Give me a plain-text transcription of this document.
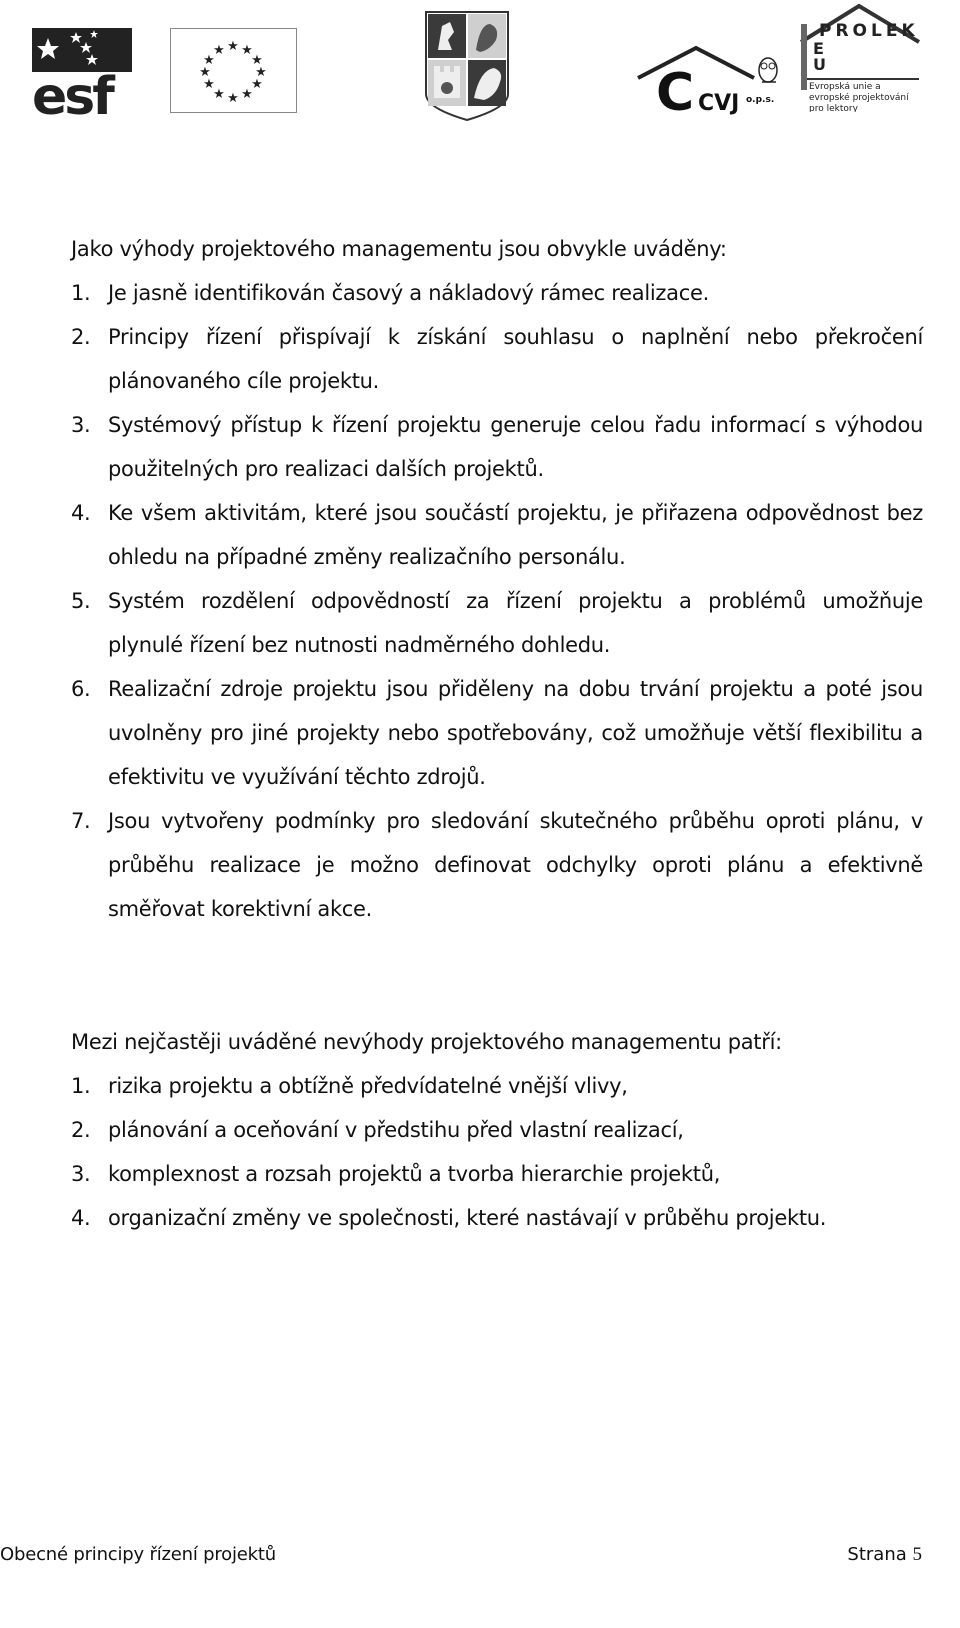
esf
★ ★
★
★
★
★
★
★
★
★
★
★
C CVJ o.p.s.
PROLEK
E
U
Evropská unie a evropské projektování pro lektory
Jako výhody projektového managementu jsou obvykle uváděny:
1. Je jasně identifikován časový a nákladový rámec realizace.
2. Principy řízení přispívají k získání souhlasu o naplnění nebo překročení plánovaného cíle projektu.
3. Systémový přístup k řízení projektu generuje celou řadu informací s výhodou použitelných pro realizaci dalších projektů.
4. Ke všem aktivitám, které jsou součástí projektu, je přiřazena odpovědnost bez ohledu na případné změny realizačního personálu.
5. Systém rozdělení odpovědností za řízení projektu a problémů umožňuje plynulé řízení bez nutnosti nadměrného dohledu.
6. Realizační zdroje projektu jsou přiděleny na dobu trvání projektu a poté jsou uvolněny pro jiné projekty nebo spotřebovány, což umožňuje větší flexibilitu a efektivitu ve využívání těchto zdrojů.
7. Jsou vytvořeny podmínky pro sledování skutečného průběhu oproti plánu, v průběhu realizace je možno definovat odchylky oproti plánu a efektivně směřovat korektivní akce.
Mezi nejčastěji uváděné nevýhody projektového managementu patří:
1. rizika projektu a obtížně předvídatelné vnější vlivy,
2. plánování a oceňování v předstihu před vlastní realizací,
3. komplexnost a rozsah projektů a tvorba hierarchie projektů,
4. organizační změny ve společnosti, které nastávají v průběhu projektu.
Obecné principy řízení projektů	Strana 5
